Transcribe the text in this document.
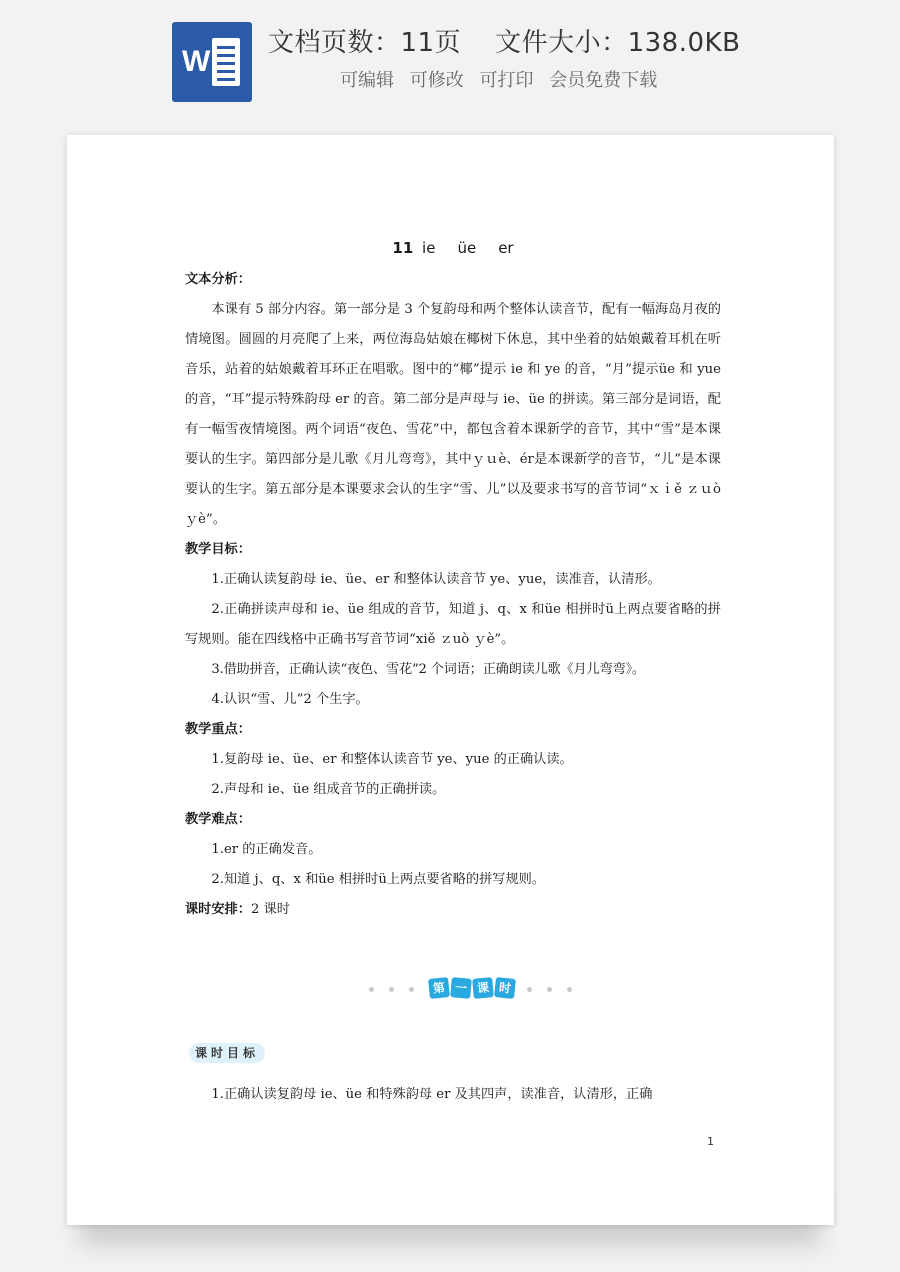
W
文档页数：11页 文件大小：138.0KB
可编辑 可修改 可打印 会员免费下载
11 ie üe er
文本分析：
本课有 5 部分内容。第一部分是 3 个复韵母和两个整体认读音节，配有一幅海岛月夜的情境图。圆圆的月亮爬了上来，两位海岛姑娘在椰树下休息，其中坐着的姑娘戴着耳机在听音乐，站着的姑娘戴着耳环正在唱歌。图中的“椰”提示 ie 和 ye 的音，“月”提示üe 和 yue 的音，“耳”提示特殊韵母 er 的音。第二部分是声母与 ie、üe 的拼读。第三部分是词语，配有一幅雪夜情境图。两个词语“夜色、雪花”中，都包含着本课新学的音节，其中“雪”是本课要认的生字。第四部分是儿歌《月儿弯弯》，其中ｙｕè、ér是本课新学的音节，“儿”是本课要认的生字。第五部分是本课要求会认的生字“雪、儿”以及要求书写的音节词“ｘｉě ｚｕò ｙè”。
教学目标：
1.正确认读复韵母 ie、üe、er 和整体认读音节 ye、yue，读准音，认清形。
2.正确拼读声母和 ie、üe 组成的音节，知道 j、q、x 和üe 相拼时ü上两点要省略的拼写规则。能在四线格中正确书写音节词“xiě ｚuò ｙè”。
3.借助拼音，正确认读“夜色、雪花”2 个词语；正确朗读儿歌《月儿弯弯》。
4.认识“雪、儿”2 个生字。
教学重点：
1.复韵母 ie、üe、er 和整体认读音节 ye、yue 的正确认读。
2.声母和 ie、üe 组成音节的正确拼读。
教学难点：
1.er 的正确发音。
2.知道 j、q、x 和üe 相拼时ü上两点要省略的拼写规则。
课时安排：2 课时
第 一 课 时
课时目标
1.正确认读复韵母 ie、üe 和特殊韵母 er 及其四声，读准音，认清形，正确
1
